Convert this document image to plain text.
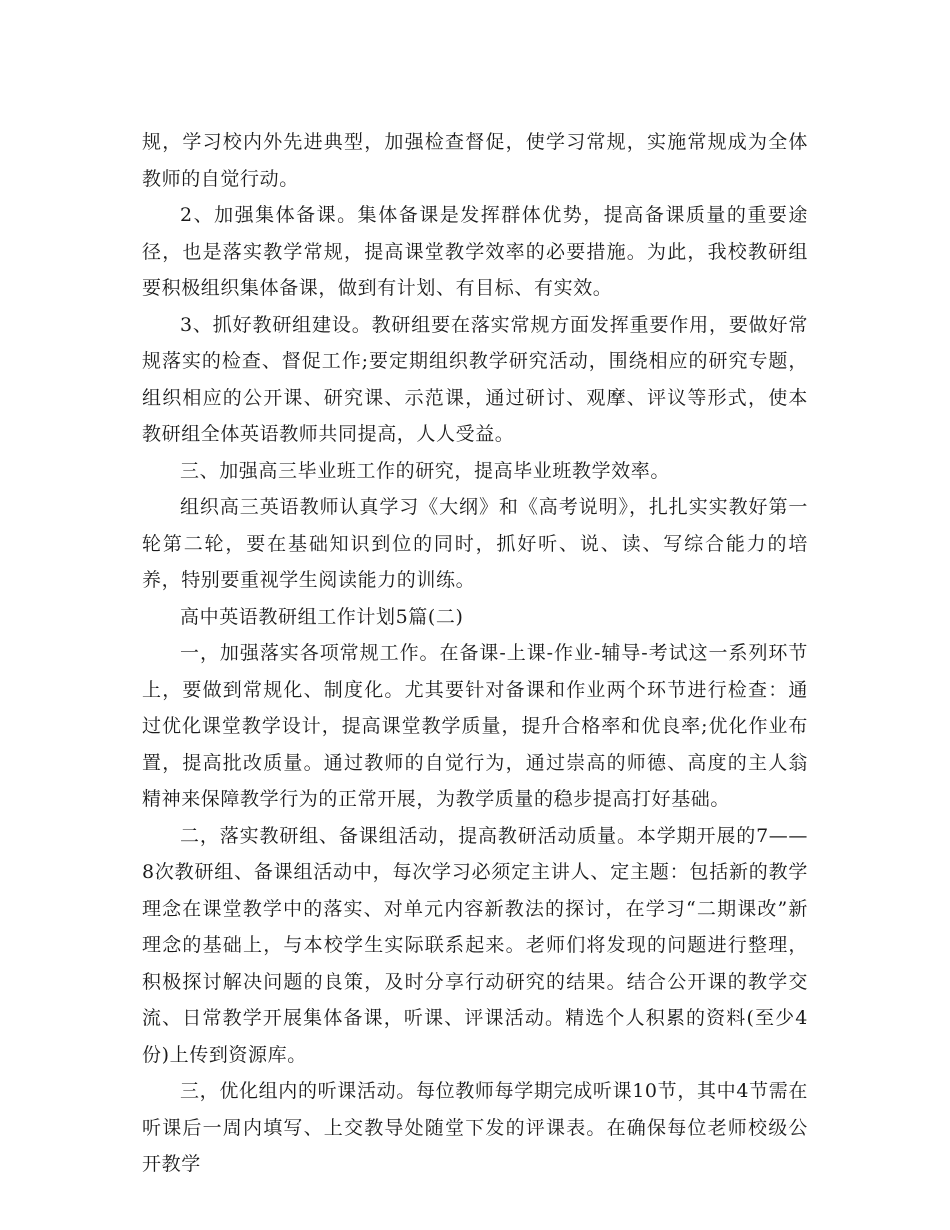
规，学习校内外先进典型，加强检查督促，使学习常规，实施常规成为全体教师的自觉行动。

2、加强集体备课。集体备课是发挥群体优势，提高备课质量的重要途径，也是落实教学常规，提高课堂教学效率的必要措施。为此，我校教研组要积极组织集体备课，做到有计划、有目标、有实效。

3、抓好教研组建设。教研组要在落实常规方面发挥重要作用，要做好常规落实的检查、督促工作;要定期组织教学研究活动，围绕相应的研究专题，组织相应的公开课、研究课、示范课，通过研讨、观摩、评议等形式，使本教研组全体英语教师共同提高，人人受益。

三、加强高三毕业班工作的研究，提高毕业班教学效率。

组织高三英语教师认真学习《大纲》和《高考说明》，扎扎实实教好第一轮第二轮，要在基础知识到位的同时，抓好听、说、读、写综合能力的培养，特别要重视学生阅读能力的训练。

高中英语教研组工作计划5篇(二)

一，加强落实各项常规工作。在备课-上课-作业-辅导-考试这一系列环节上，要做到常规化、制度化。尤其要针对备课和作业两个环节进行检查：通过优化课堂教学设计，提高课堂教学质量，提升合格率和优良率;优化作业布置，提高批改质量。通过教师的自觉行为，通过崇高的师德、高度的主人翁精神来保障教学行为的正常开展，为教学质量的稳步提高打好基础。

二，落实教研组、备课组活动，提高教研活动质量。本学期开展的7——8次教研组、备课组活动中，每次学习必须定主讲人、定主题：包括新的教学理念在课堂教学中的落实、对单元内容新教法的探讨，在学习“二期课改”新理念的基础上，与本校学生实际联系起来。老师们将发现的问题进行整理，积极探讨解决问题的良策，及时分享行动研究的结果。结合公开课的教学交流、日常教学开展集体备课，听课、评课活动。精选个人积累的资料(至少4份)上传到资源库。

三，优化组内的听课活动。每位教师每学期完成听课10节，其中4节需在听课后一周内填写、上交教导处随堂下发的评课表。在确保每位老师校级公开教学
